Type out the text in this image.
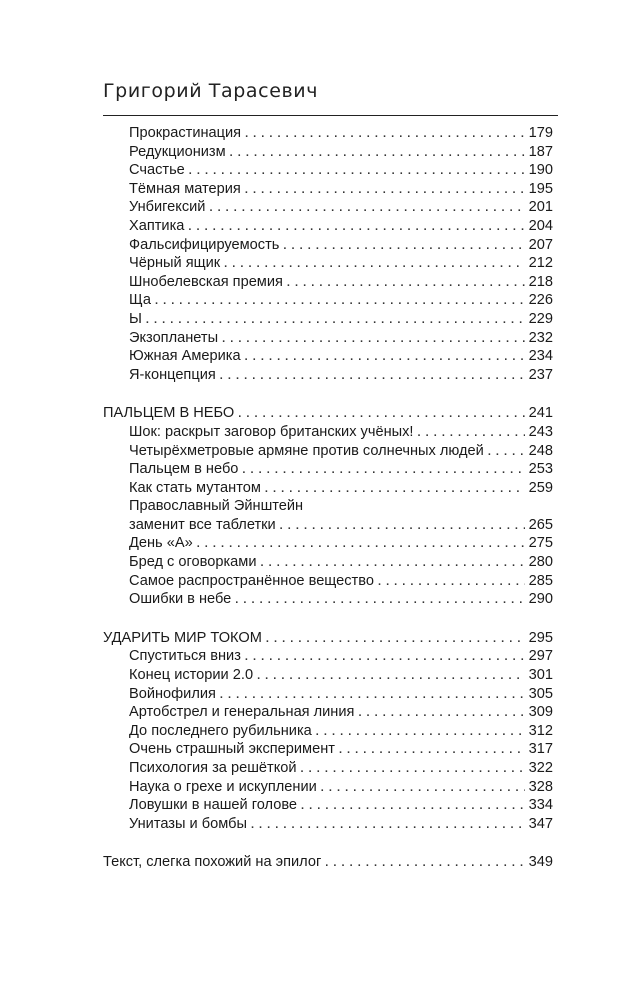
Григорий Тарасевич
Прокрастинация . . .	179
Редукционизм . . .	187
Счастье . . .	190
Тёмная материя . . .	195
Унбигексий . . .	201
Хаптика . . .	204
Фальсифицируемость . . .	207
Чёрный ящик . . .	212
Шнобелевская премия . . .	218
Ща . . .	226
Ы . . .	229
Экзопланеты . . .	232
Южная Америка . . .	234
Я-концепция . . .	237
ПАЛЬЦЕМ В НЕБО . . .	241
Шок: раскрыт заговор британских учёных! . . .	243
Четырёхметровые армяне против солнечных людей . . .	248
Пальцем в небо . . .	253
Как стать мутантом . . .	259
Православный Эйнштейн
заменит все таблетки . . .	265
День «А» . . .	275
Бред с оговорками . . .	280
Самое распространённое вещество . . .	285
Ошибки в небе . . .	290
УДАРИТЬ МИР ТОКОМ . . .	295
Спуститься вниз . . .	297
Конец истории 2.0 . . .	301
Войнофилия . . .	305
Артобстрел и генеральная линия . . .	309
До последнего рубильника . . .	312
Очень страшный эксперимент . . .	317
Психология за решёткой . . .	322
Наука о грехе и искуплении . . .	328
Ловушки в нашей голове . . .	334
Унитазы и бомбы . . .	347
Текст, слегка похожий на эпилог . . .	349
